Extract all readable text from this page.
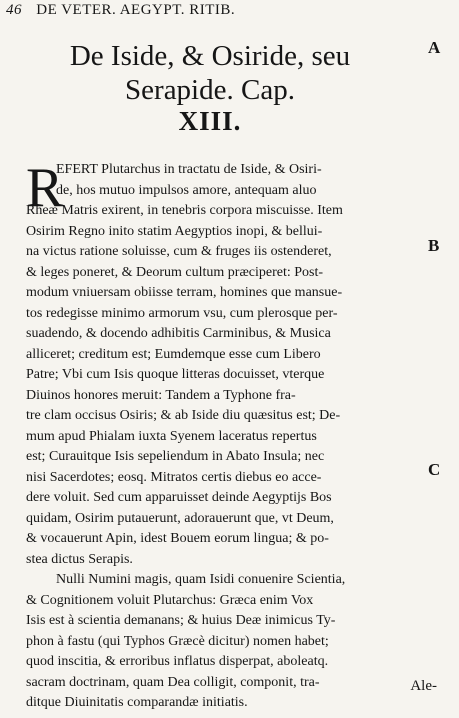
46 DE VETER. AEGYPT. RITIB.
De Iside, & Osiride, seu
Serapide. Cap.
XIII.
A
B
C
R
EFERT Plutarchus in tractatu de Iside, & Osiri-
de, hos mutuo impulsos amore, antequam aluo
Rheæ Matris exirent, in tenebris corpora miscuisse. Item
Osirim Regno inito statim Aegyptios inopi, & bellui-
na victus ratione soluisse, cum & fruges iis ostenderet,
& leges poneret, & Deorum cultum præciperet: Post-
modum vniuersam obiisse terram, homines que mansue-
tos redegisse minimo armorum vsu, cum plerosque per-
suadendo, & docendo adhibitis Carminibus, & Musica
alliceret; creditum est; Eumdemque esse cum Libero
Patre; Vbi cum Isis quoque litteras docuisset, vterque
Diuinos honores meruit: Tandem a Typhone fra-
tre clam occisus Osiris; & ab Iside diu quæsitus est; De-
mum apud Phialam iuxta Syenem laceratus repertus
est; Curauitque Isis sepeliendum in Abato Insula; nec
nisi Sacerdotes; eosq. Mitratos certis diebus eo acce-
dere voluit. Sed cum apparuisset deinde Aegyptijs Bos
quidam, Osirim putauerunt, adorauerunt que, vt Deum,
& vocauerunt Apin, idest Bouem eorum lingua; & po-
stea dictus Serapis.
Nulli Numini magis, quam Isidi conuenire Scientia,
& Cognitionem voluit Plutarchus: Græca enim Vox
Isis est à scientia demanans; & huius Deæ inimicus Ty-
phon à fastu (qui Typhos Græcè dicitur) nomen habet;
quod inscitia, & erroribus inflatus disperpat, aboleatq.
sacram doctrinam, quam Dea colligit, componit, tra-
ditque Diuinitatis comparandæ initiatis.
Ale-
